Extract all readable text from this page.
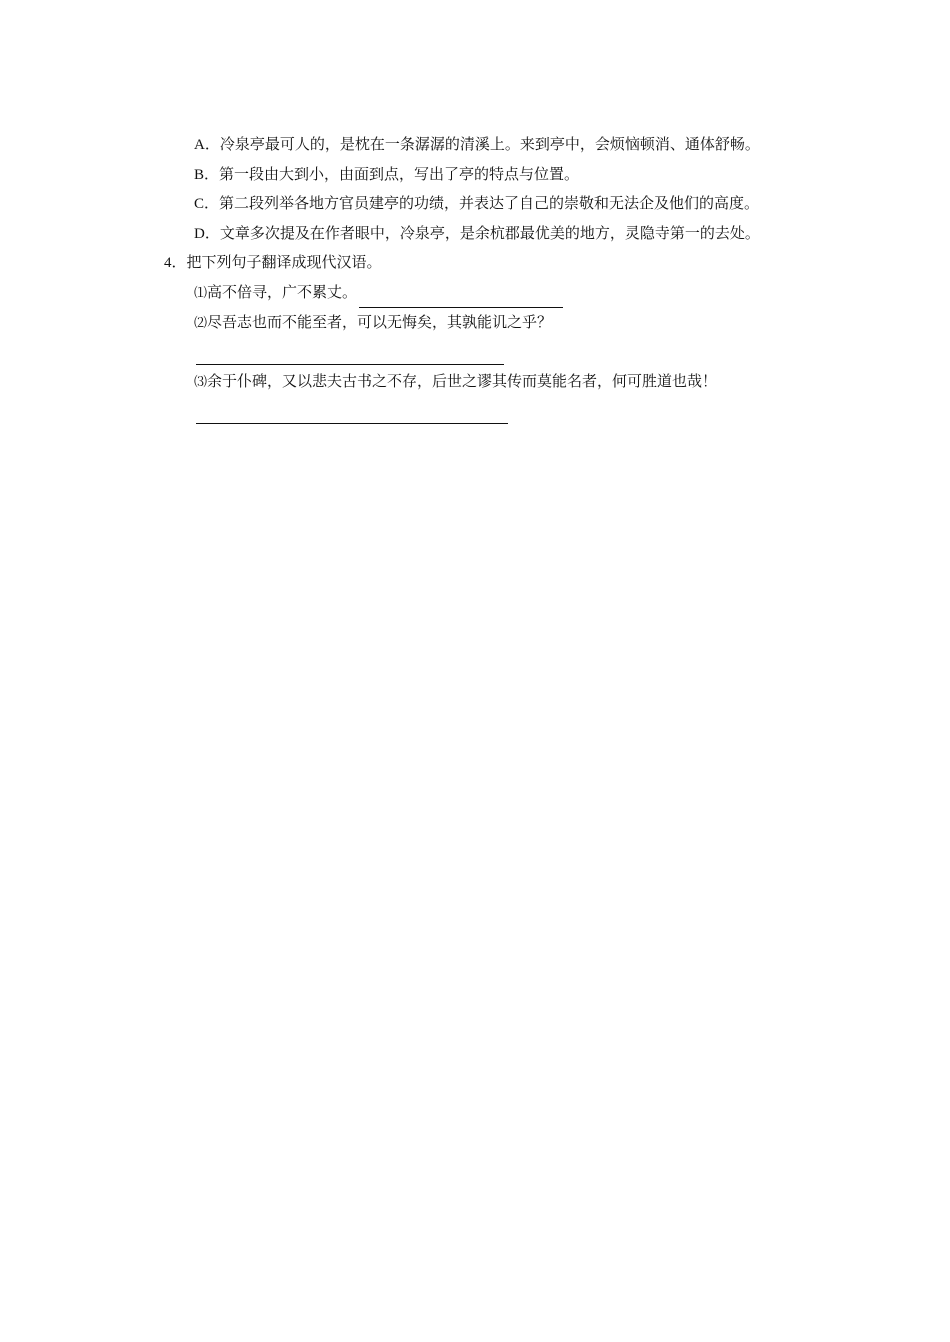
A．冷泉亭最可人的，是枕在一条潺潺的清溪上。来到亭中，会烦恼顿消、通体舒畅。

B．第一段由大到小，由面到点，写出了亭的特点与位置。

C．第二段列举各地方官员建亭的功绩，并表达了自己的崇敬和无法企及他们的高度。

D．文章多次提及在作者眼中，冷泉亭，是余杭郡最优美的地方，灵隐寺第一的去处。

4．把下列句子翻译成现代汉语。

⑴高不倍寻，广不累丈。

⑵尽吾志也而不能至者，可以无悔矣，其孰能讥之乎？

⑶余于仆碑，又以悲夫古书之不存，后世之谬其传而莫能名者，何可胜道也哉！
